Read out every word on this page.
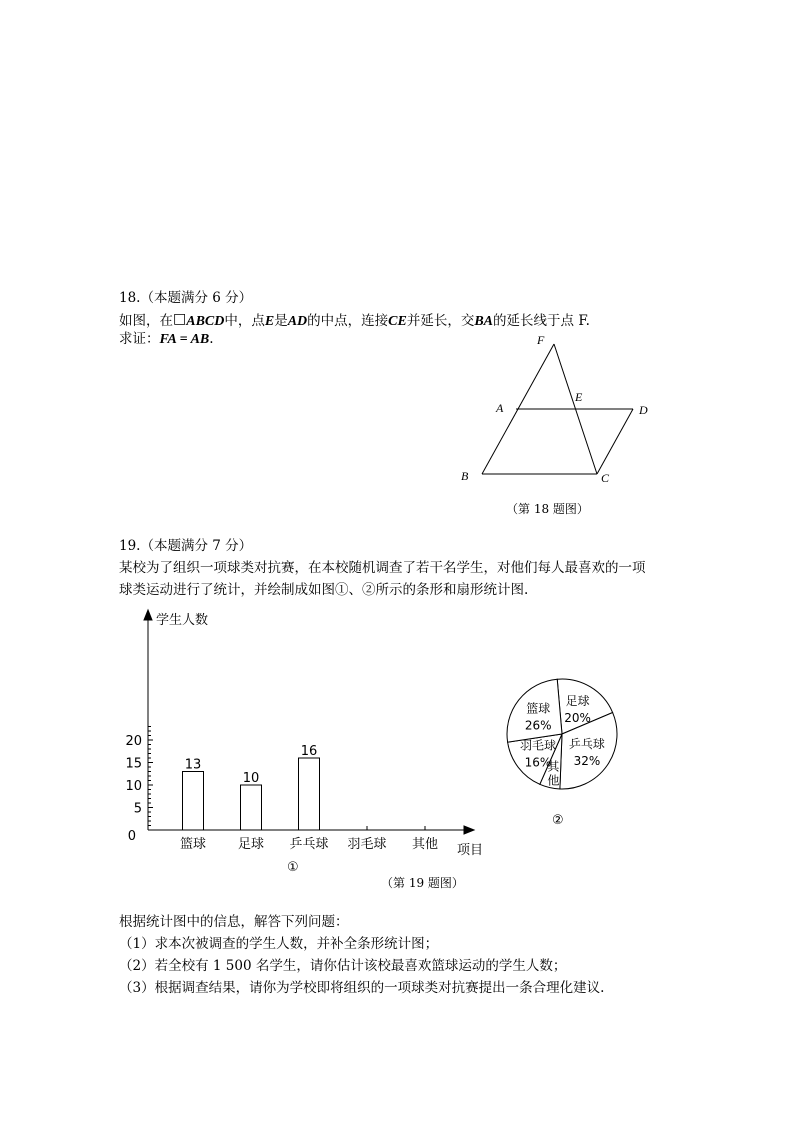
18.（本题满分 6 分）
如图，在□ABCD中，点E是AD的中点，连接CE并延长，交BA的延长线于点 F.
求证：FA = AB.	F
A
E
D
B	C
（第 18 题图）
19.（本题满分 7 分）
某校为了组织一项球类对抗赛，在本校随机调查了若干名学生，对他们每人最喜欢的一项
球类运动进行了统计，并绘制成如图①、②所示的条形和扇形统计图.
0
5
10
15
20
篮球
13
足球
10
乒乓球
16
羽毛球 其他
学生人数
项目
①
足球
20%
乒乓球
32%
其
他
羽毛球
16%
篮球
26%
②
（第 19 题图）
根据统计图中的信息，解答下列问题：
（1）求本次被调查的学生人数，并补全条形统计图；
（2）若全校有 1 500 名学生，请你估计该校最喜欢篮球运动的学生人数；
（3）根据调查结果，请你为学校即将组织的一项球类对抗赛提出一条合理化建议.
